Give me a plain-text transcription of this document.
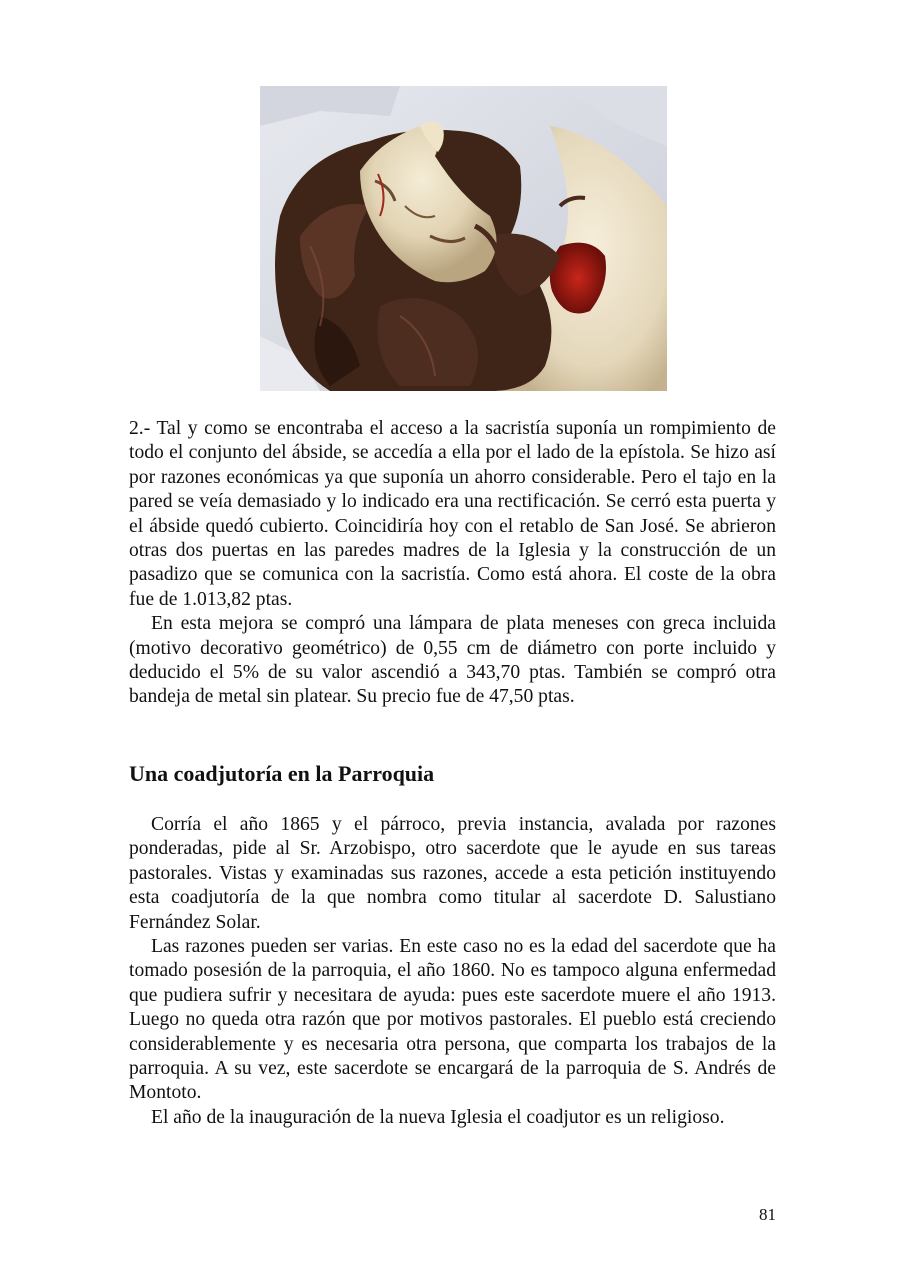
2.- Tal y como se encontraba el acceso a la sacristía suponía un rompimiento de todo el conjunto del ábside, se accedía a ella por el lado de la epístola. Se hizo así por razones económicas ya que suponía un ahorro considerable. Pero el tajo en la pared se veía demasiado y lo indicado era una rectificación. Se cerró esta puerta y el ábside quedó cubierto. Coincidiría hoy con el retablo de San José. Se abrieron otras dos puertas en las paredes madres de la Iglesia y la construcción de un pasadizo que se comunica con la sacristía. Como está ahora. El coste de la obra fue de 1.013,82 ptas.

En esta mejora se compró una lámpara de plata meneses con greca incluida (motivo decorativo geométrico) de 0,55 cm de diámetro con porte incluido y deducido el 5% de su valor ascendió a 343,70 ptas. También se compró otra bandeja de metal sin platear. Su precio fue de 47,50 ptas.

Una coadjutoría en la Parroquia

Corría el año 1865 y el párroco, previa instancia, avalada por razones ponderadas, pide al Sr. Arzobispo, otro sacerdote que le ayude en sus tareas pastorales. Vistas y examinadas sus razones, accede a esta petición instituyendo esta coadjutoría de la que nombra como titular al sacerdote D. Salustiano Fernández Solar.

Las razones pueden ser varias. En este caso no es la edad del sacerdote que ha tomado posesión de la parroquia, el año 1860. No es tampoco alguna enfermedad que pudiera sufrir y necesitara de ayuda: pues este sacerdote muere el año 1913. Luego no queda otra razón que por motivos pastorales. El pueblo está creciendo considerablemente y es necesaria otra persona, que comparta los trabajos de la parroquia. A su vez, este sacerdote se encargará de la parroquia de S. Andrés de Montoto.

El año de la inauguración de la nueva Iglesia el coadjutor es un religioso.

81
